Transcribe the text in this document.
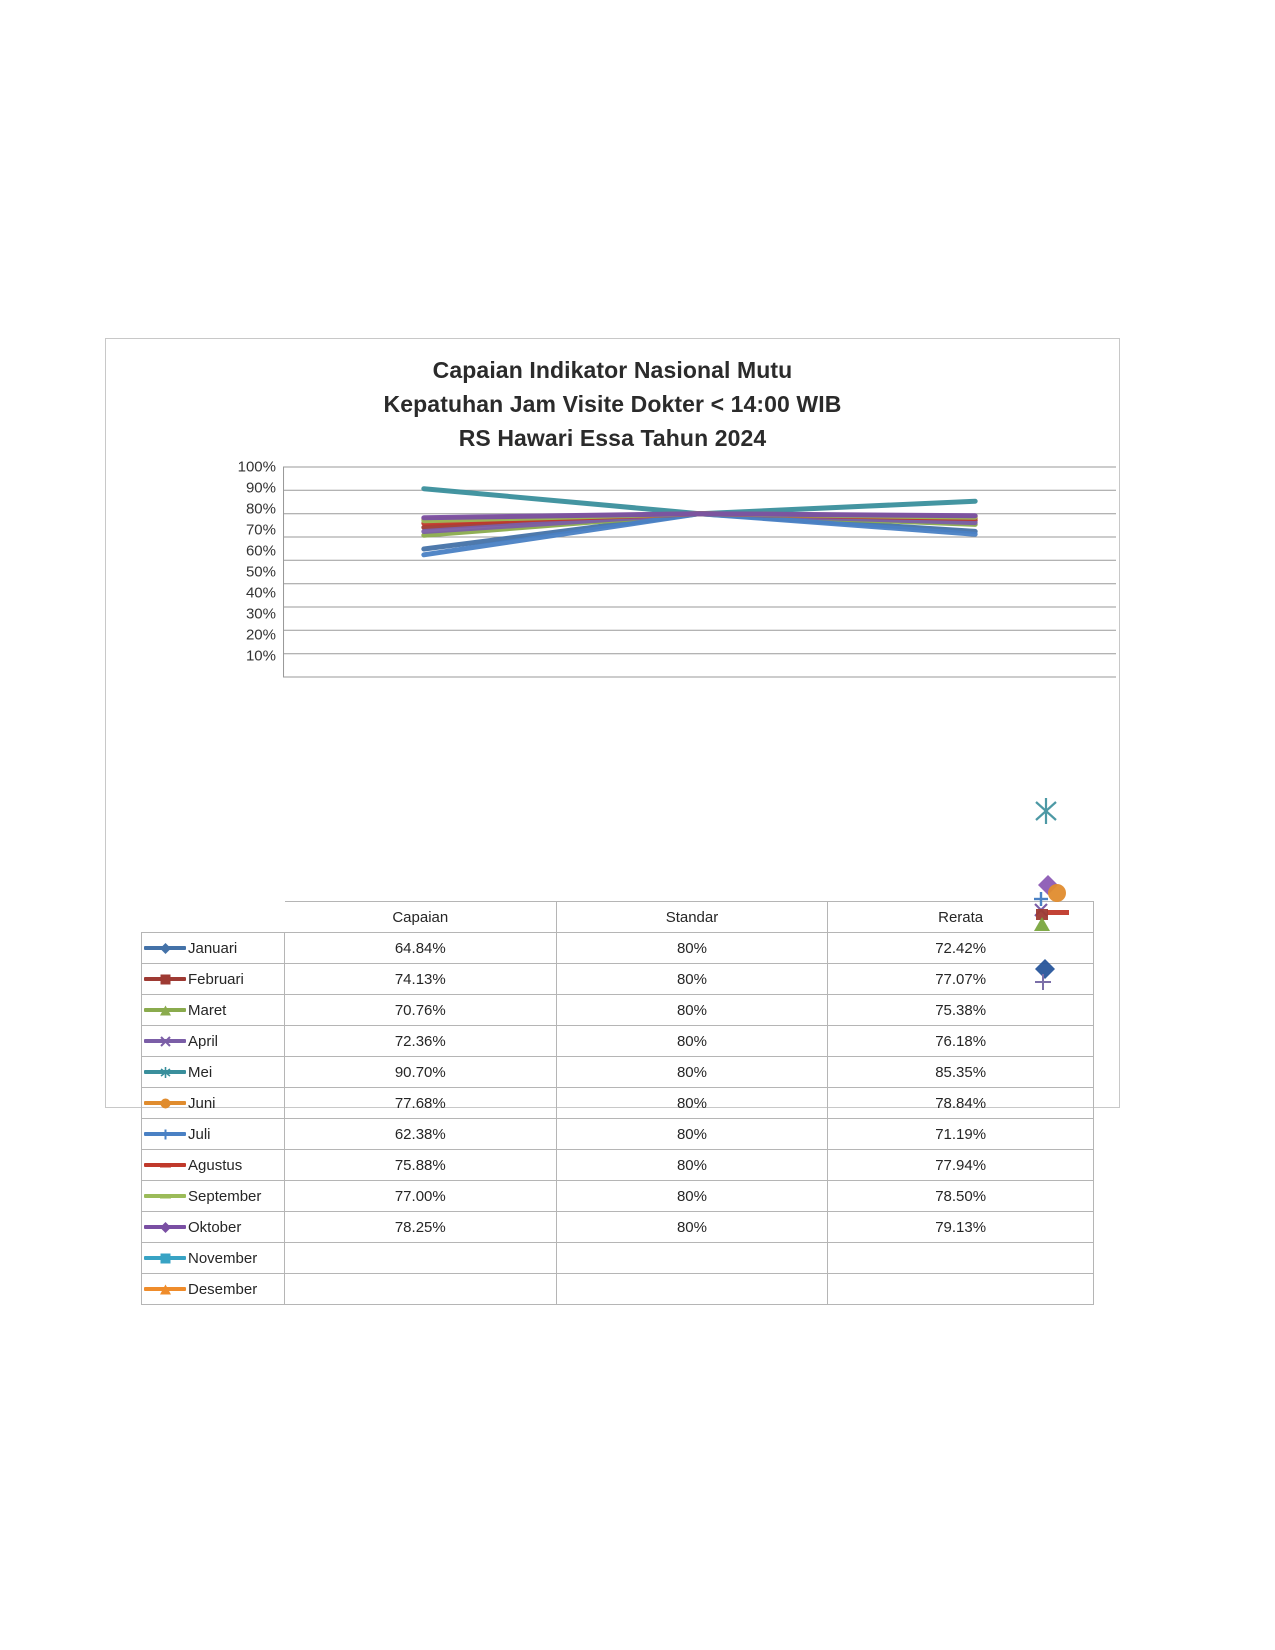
Capaian Indikator Nasional Mutu
Kepatuhan Jam Visite Dokter < 14:00 WIB
RS Hawari Essa Tahun 2024
100%
90%
80%
70%
60%
50%
40%
30%
20%
10%
	Capaian	Standar	Rerata

Januari	64.84%	80%	72.42%

Februari	74.13%	80%	77.07%

Maret	70.76%	80%	75.38%

April	72.36%	80%	76.18%

Mei	90.70%	80%	85.35%

Juni	77.68%	80%	78.84%

Juli	62.38%	80%	71.19%

Agustus	75.88%	80%	77.94%

September	77.00%	80%	78.50%

Oktober	78.25%	80%	79.13%

November			

Desember			
